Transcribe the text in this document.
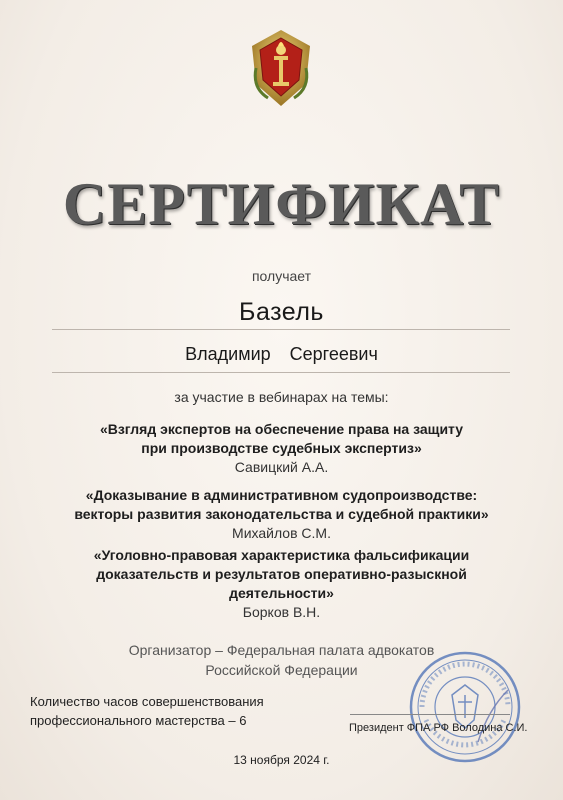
СЕРТИФИКАТ
получает
Базель
Владимир Сергеевич
за участие в вебинарах на темы:
«Взгляд экспертов на обеспечение права на защиту
при производстве судебных экспертиз»
Савицкий А.А.
«Доказывание в административном судопроизводстве:
векторы развития законодательства и судебной практики»
Михайлов С.М.
«Уголовно-правовая характеристика фальсификации
доказательств и результатов оперативно-разыскной
деятельности»
Борков В.Н.
Организатор – Федеральная палата адвокатов
Российской Федерации
Количество часов совершенствования
профессионального мастерства – 6	Президент ФПА РФ Володина С.И.
13 ноября 2024 г.
